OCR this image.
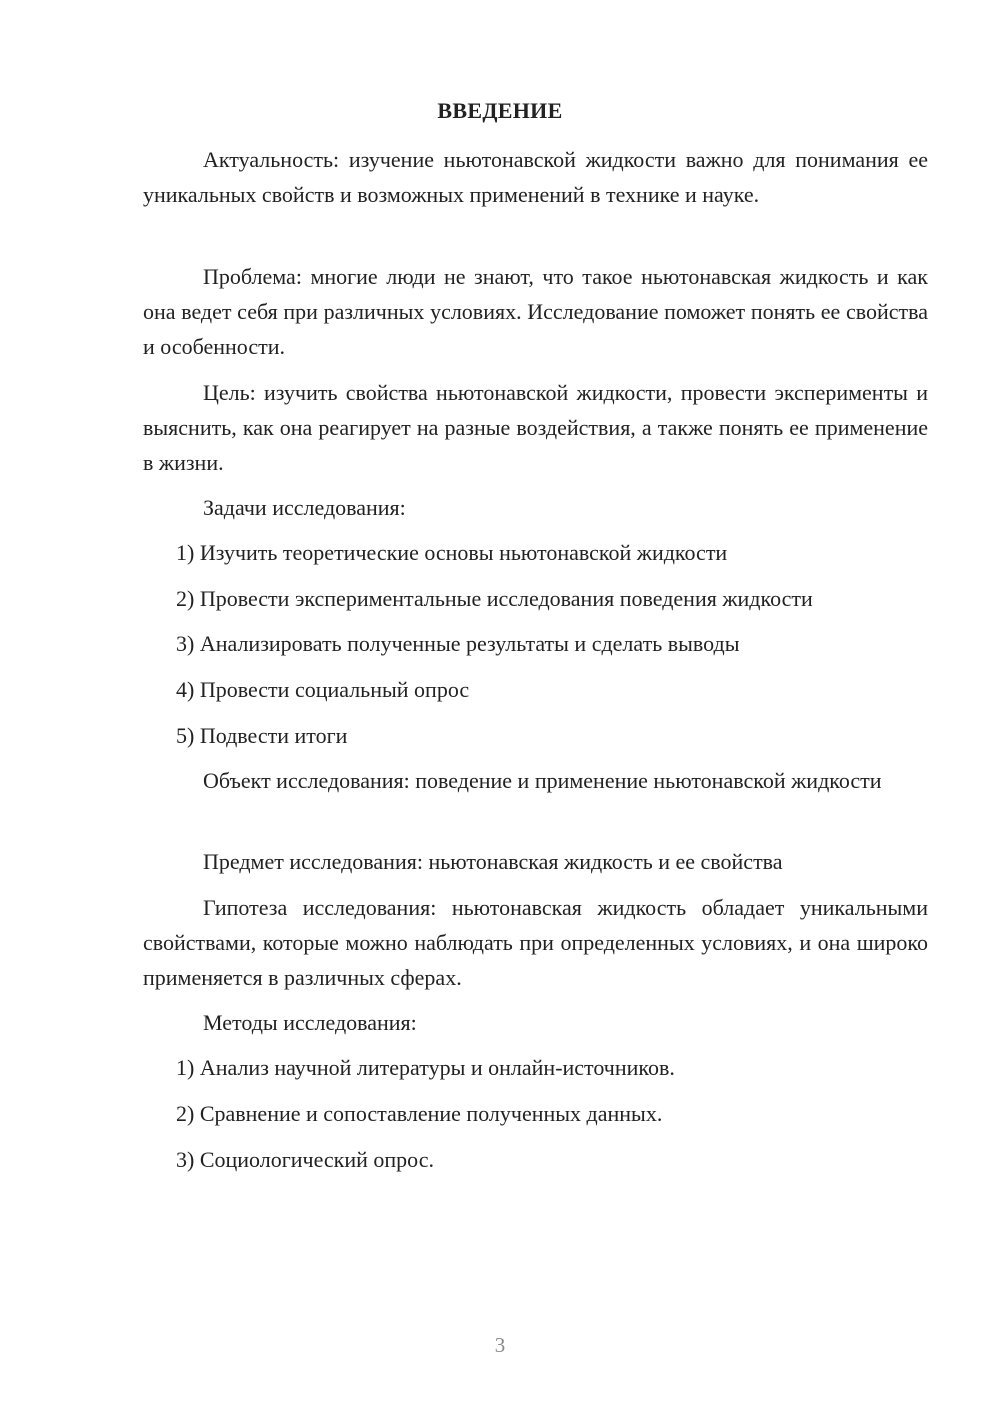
ВВЕДЕНИЕ
Актуальность: изучение ньютонавской жидкости важно для понимания ее уникальных свойств и возможных применений в технике и науке.
Проблема: многие люди не знают, что такое ньютонавская жидкость и как она ведет себя при различных условиях. Исследование поможет понять ее свойства и особенности.
Цель: изучить свойства ньютонавской жидкости, провести эксперименты и выяснить, как она реагирует на разные воздействия, а также понять ее применение в жизни.
Задачи исследования:
1) Изучить теоретические основы ньютонавской жидкости
2) Провести экспериментальные исследования поведения жидкости
3) Анализировать полученные результаты и сделать выводы
4) Провести социальный опрос
5) Подвести итоги
Объект исследования: поведение и применение ньютонавской жидкости
Предмет исследования: ньютонавская жидкость и ее свойства
Гипотеза исследования: ньютонавская жидкость обладает уникальными свойствами, которые можно наблюдать при определенных условиях, и она широко применяется в различных сферах.
Методы исследования:
1) Анализ научной литературы и онлайн-источников.
2) Сравнение и сопоставление полученных данных.
3) Социологический опрос.
3
